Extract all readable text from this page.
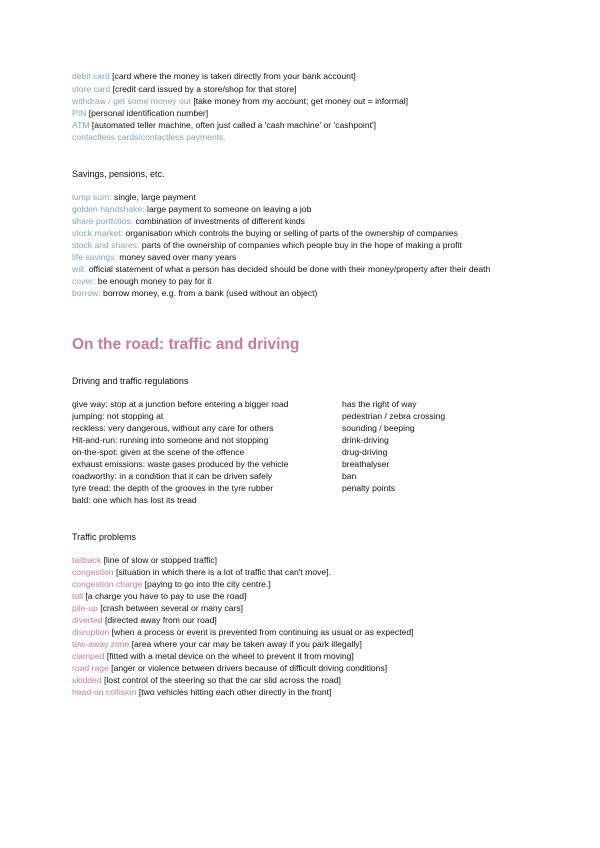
debit card [card where the money is taken directly from your bank account]
store card [credit card issued by a store/shop for that store]
withdraw / get some money out [take money from my account; get money out = informal]
PIN [personal identification number]
ATM [automated teller machine, often just called a 'cash machine' or 'cashpoint']
contactless cards/contactless payments.
Savings, pensions, etc.
lump sum: single, large payment
golden handshake: large payment to someone on leaving a job
share portfolios: combination of investments of different kinds
stock market: organisation which controls the buying or selling of parts of the ownership of companies
stock and shares: parts of the ownership of companies which people buy in the hope of making a profit
life savings: money saved over many years
will: official statement of what a person has decided should be done with their money/property after their death
cover: be enough money to pay for it
borrow: borrow money, e.g. from a bank (used without an object)
On the road: traffic and driving
Driving and traffic regulations
give way: stop at a junction before entering a bigger road
jumping: not stopping at
reckless: very dangerous, without any care for others
Hit-and-run: running into someone and not stopping
on-the-spot: given at the scene of the offence
exhaust emissions: waste gases produced by the vehicle
roadworthy: in a condition that it can be driven safely
tyre tread: the depth of the grooves in the tyre rubber
bald: one which has lost its tread
has the right of way
pedestrian / zebra crossing
sounding / beeping
drink-driving
drug-driving
breathalyser
ban
penalty points
Traffic problems
tailback [line of slow or stopped traffic]
congestion [situation in which there is a lot of traffic that can't move].
congestion charge [paying to go into the city centre.]
toll [a charge you have to pay to use the road]
pile-up [crash between several or many cars]
diverted [directed away from our road]
disruption [when a process or event is prevented from continuing as usual or as expected]
tow-away zone [area where your car may be taken away if you park illegally]
clamped [fitted with a metal device on the wheel to prevent it from moving]
road rage [anger or violence between drivers because of difficult driving conditions]
skidded [lost control of the steering so that the car slid across the road]
head-on collision [two vehicles hitting each other directly in the front]
